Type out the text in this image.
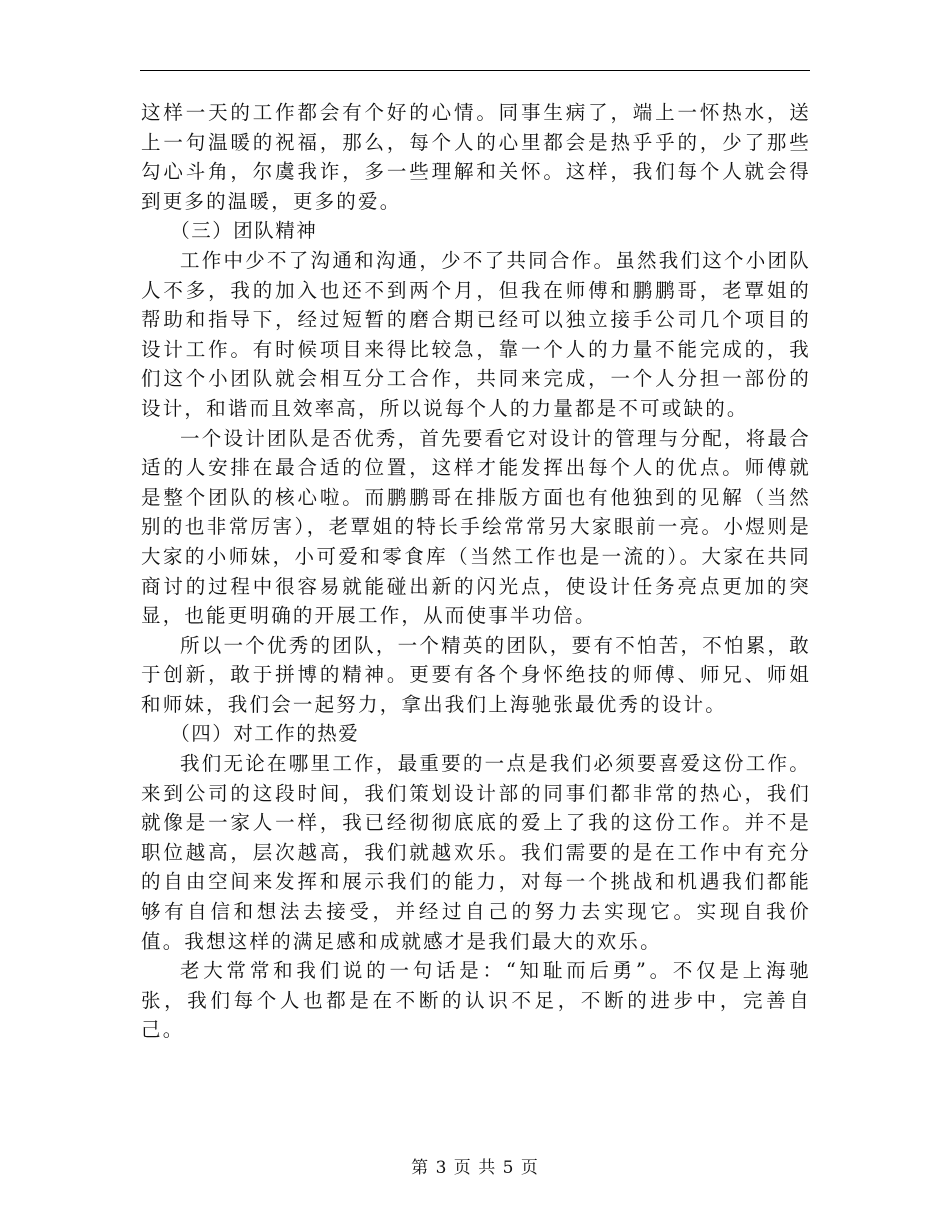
这样一天的工作都会有个好的心情。同事生病了，端上一怀热水，送上一句温暖的祝福，那么，每个人的心里都会是热乎乎的，少了那些勾心斗角，尔虞我诈，多一些理解和关怀。这样，我们每个人就会得到更多的温暖，更多的爱。

（三）团队精神

工作中少不了沟通和沟通，少不了共同合作。虽然我们这个小团队人不多，我的加入也还不到两个月，但我在师傅和鹏鹏哥，老覃姐的帮助和指导下，经过短暂的磨合期已经可以独立接手公司几个项目的设计工作。有时候项目来得比较急，靠一个人的力量不能完成的，我们这个小团队就会相互分工合作，共同来完成，一个人分担一部份的设计，和谐而且效率高，所以说每个人的力量都是不可或缺的。

一个设计团队是否优秀，首先要看它对设计的管理与分配，将最合适的人安排在最合适的位置，这样才能发挥出每个人的优点。师傅就是整个团队的核心啦。而鹏鹏哥在排版方面也有他独到的见解（当然别的也非常厉害），老覃姐的特长手绘常常另大家眼前一亮。小煜则是大家的小师妹，小可爱和零食库（当然工作也是一流的）。大家在共同商讨的过程中很容易就能碰出新的闪光点，使设计任务亮点更加的突显，也能更明确的开展工作，从而使事半功倍。

所以一个优秀的团队，一个精英的团队，要有不怕苦，不怕累，敢于创新，敢于拼博的精神。更要有各个身怀绝技的师傅、师兄、师姐和师妹，我们会一起努力，拿出我们上海驰张最优秀的设计。

（四）对工作的热爱

我们无论在哪里工作，最重要的一点是我们必须要喜爱这份工作。来到公司的这段时间，我们策划设计部的同事们都非常的热心，我们就像是一家人一样，我已经彻彻底底的爱上了我的这份工作。并不是职位越高，层次越高，我们就越欢乐。我们需要的是在工作中有充分的自由空间来发挥和展示我们的能力，对每一个挑战和机遇我们都能够有自信和想法去接受，并经过自己的努力去实现它。实现自我价值。我想这样的满足感和成就感才是我们最大的欢乐。

老大常常和我们说的一句话是：“知耻而后勇”。不仅是上海驰张，我们每个人也都是在不断的认识不足，不断的进步中，完善自己。

第 3 页 共 5 页
